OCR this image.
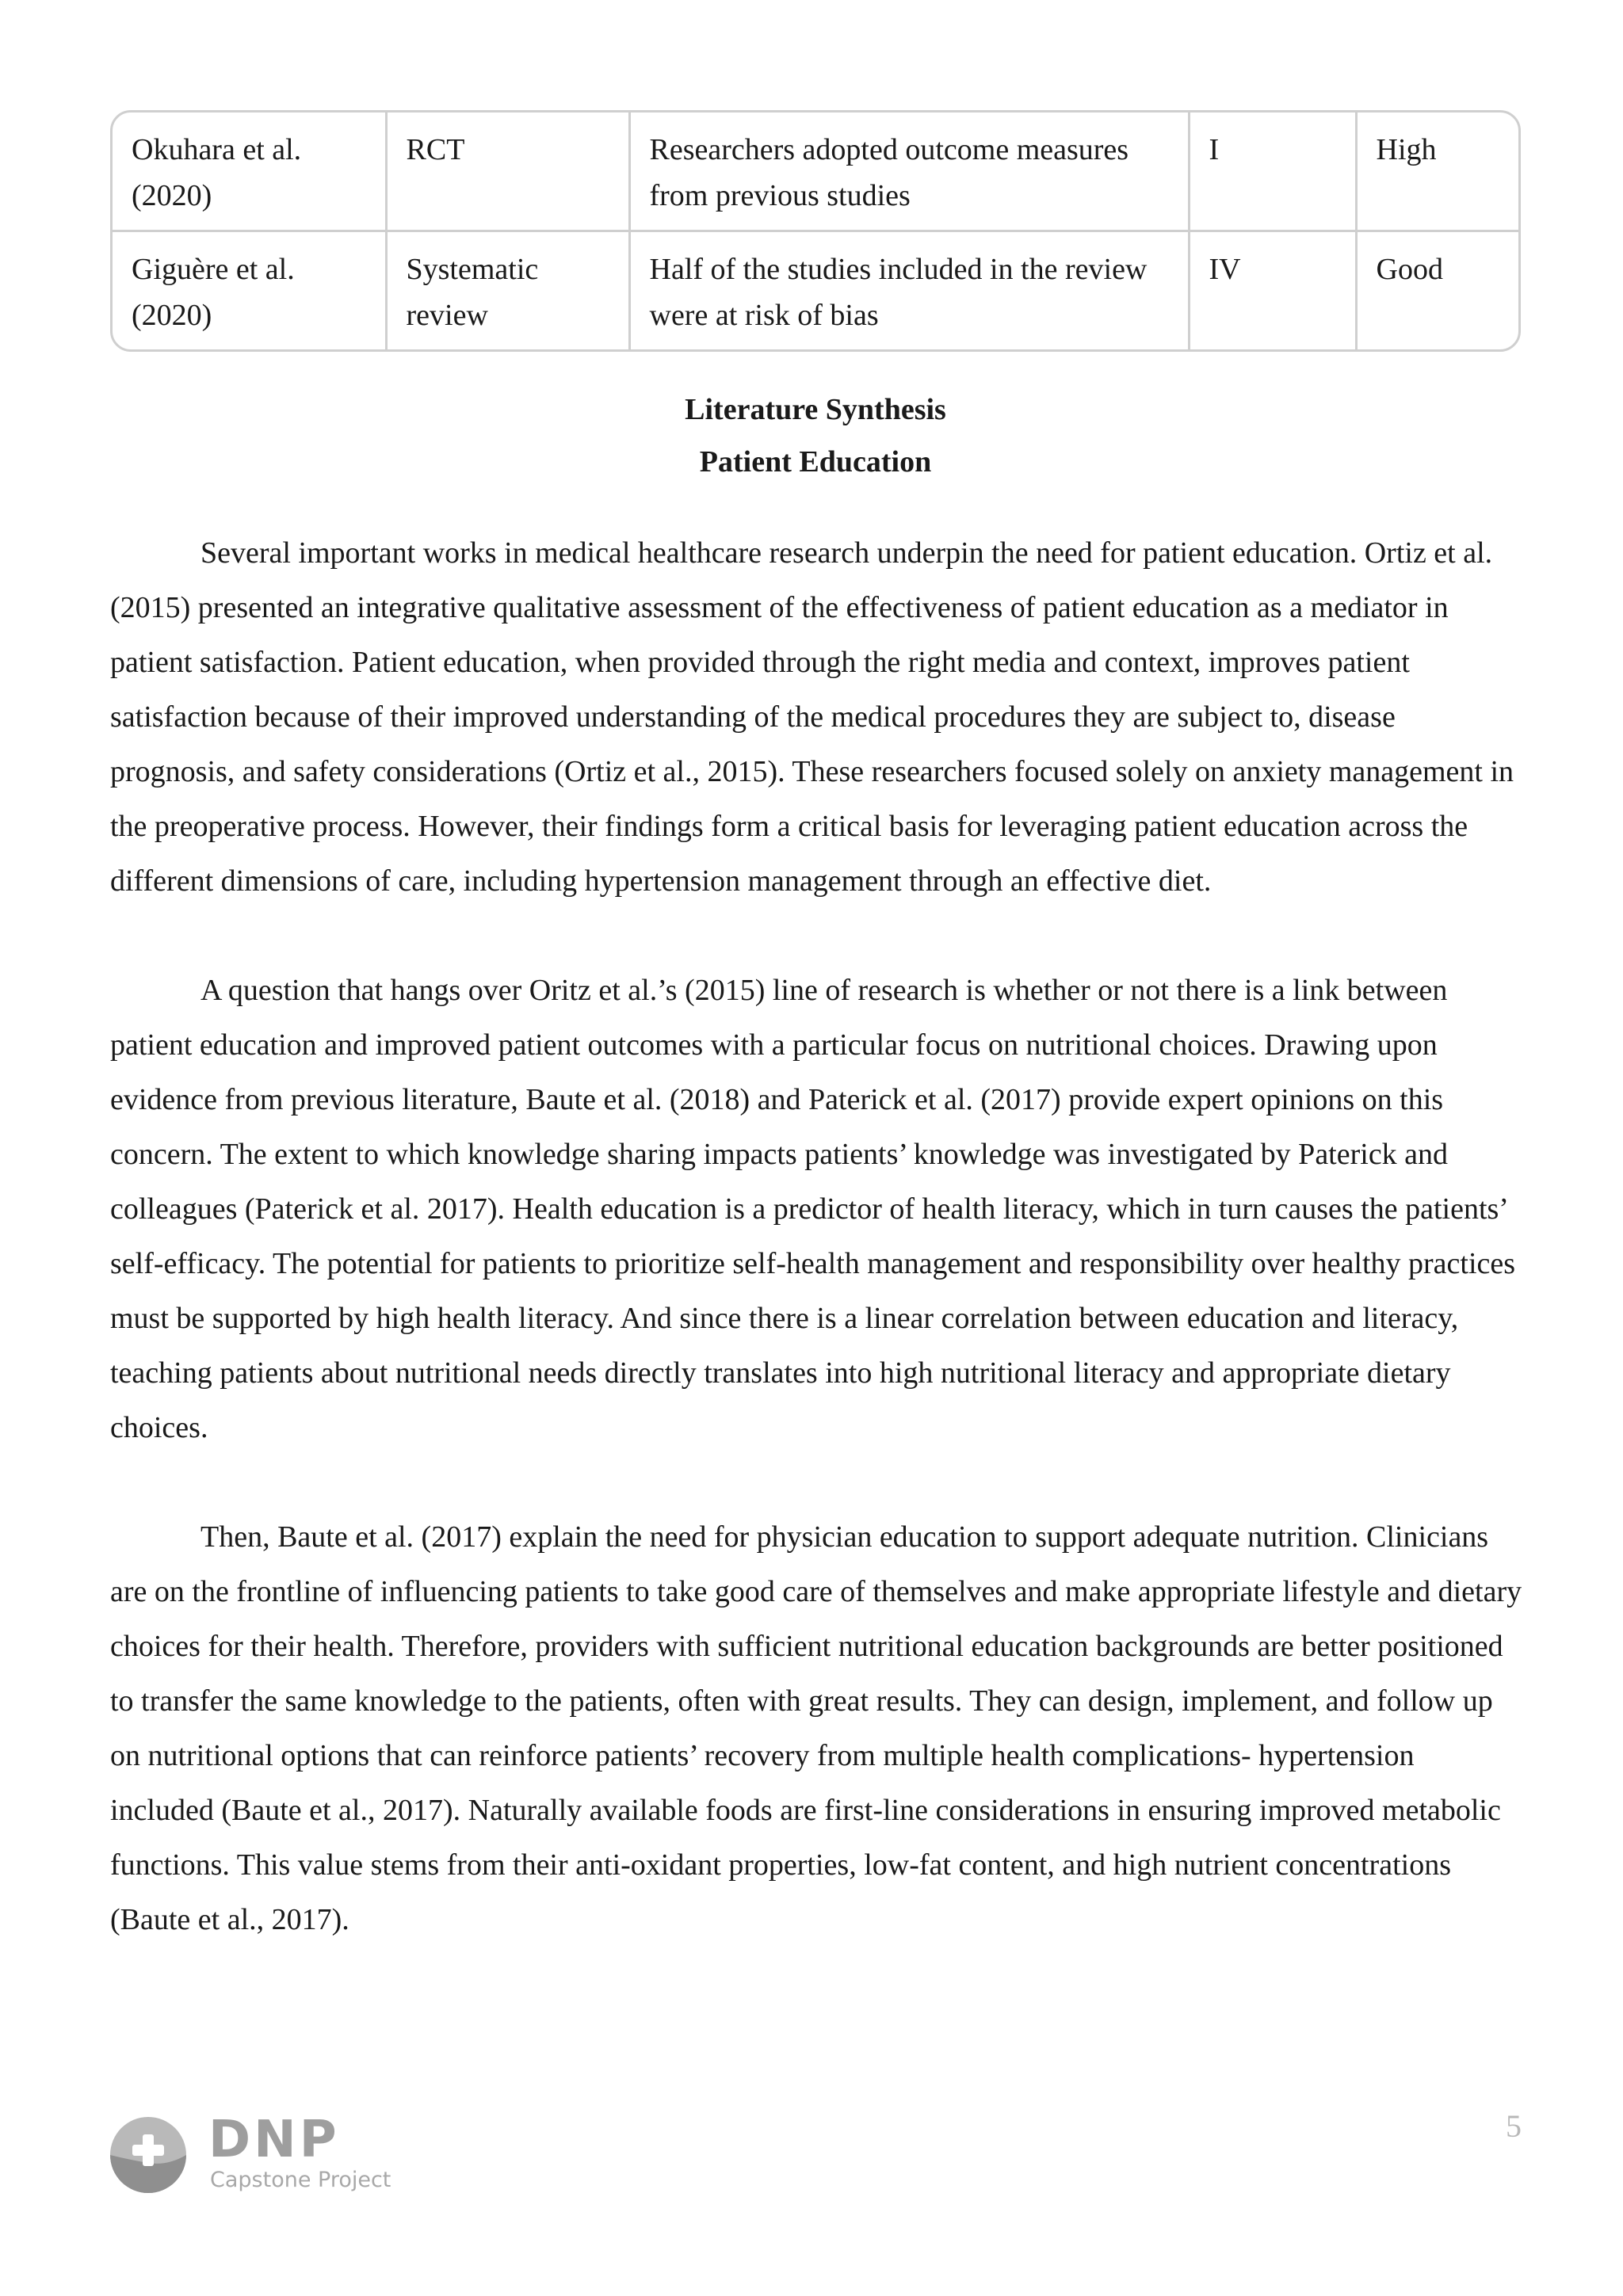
Okuhara et al. (2020)	RCT	Researchers adopted outcome measures from previous studies	I	High
Giguère et al. (2020)	Systematic review	Half of the studies included in the review were at risk of bias	IV	Good
Literature Synthesis
Patient Education

Several important works in medical healthcare research underpin the need for patient education. Ortiz et al. (2015) presented an integrative qualitative assessment of the effectiveness of patient education as a mediator in patient satisfaction. Patient education, when provided through the right media and context, improves patient satisfaction because of their improved understanding of the medical procedures they are subject to, disease prognosis, and safety considerations (Ortiz et al., 2015). These researchers focused solely on anxiety management in the preoperative process. However, their findings form a critical basis for leveraging patient education across the different dimensions of care, including hypertension management through an effective diet.

A question that hangs over Oritz et al.’s (2015) line of research is whether or not there is a link between patient education and improved patient outcomes with a particular focus on nutritional choices. Drawing upon evidence from previous literature, Baute et al. (2018) and Paterick et al. (2017) provide expert opinions on this concern. The extent to which knowledge sharing impacts patients’ knowledge was investigated by Paterick and colleagues (Paterick et al. 2017). Health education is a predictor of health literacy, which in turn causes the patients’ self-efficacy. The potential for patients to prioritize self-health management and responsibility over healthy practices must be supported by high health literacy. And since there is a linear correlation between education and literacy, teaching patients about nutritional needs directly translates into high nutritional literacy and appropriate dietary choices.

Then, Baute et al. (2017) explain the need for physician education to support adequate nutrition. Clinicians are on the frontline of influencing patients to take good care of themselves and make appropriate lifestyle and dietary choices for their health. Therefore, providers with sufficient nutritional education backgrounds are better positioned to transfer the same knowledge to the patients, often with great results. They can design, implement, and follow up on nutritional options that can reinforce patients’ recovery from multiple health complications- hypertension included (Baute et al., 2017). Naturally available foods are first-line considerations in ensuring improved metabolic functions. This value stems from their anti-oxidant properties, low-fat content, and high nutrient concentrations (Baute et al., 2017).

DNP
Capstone Project
5
